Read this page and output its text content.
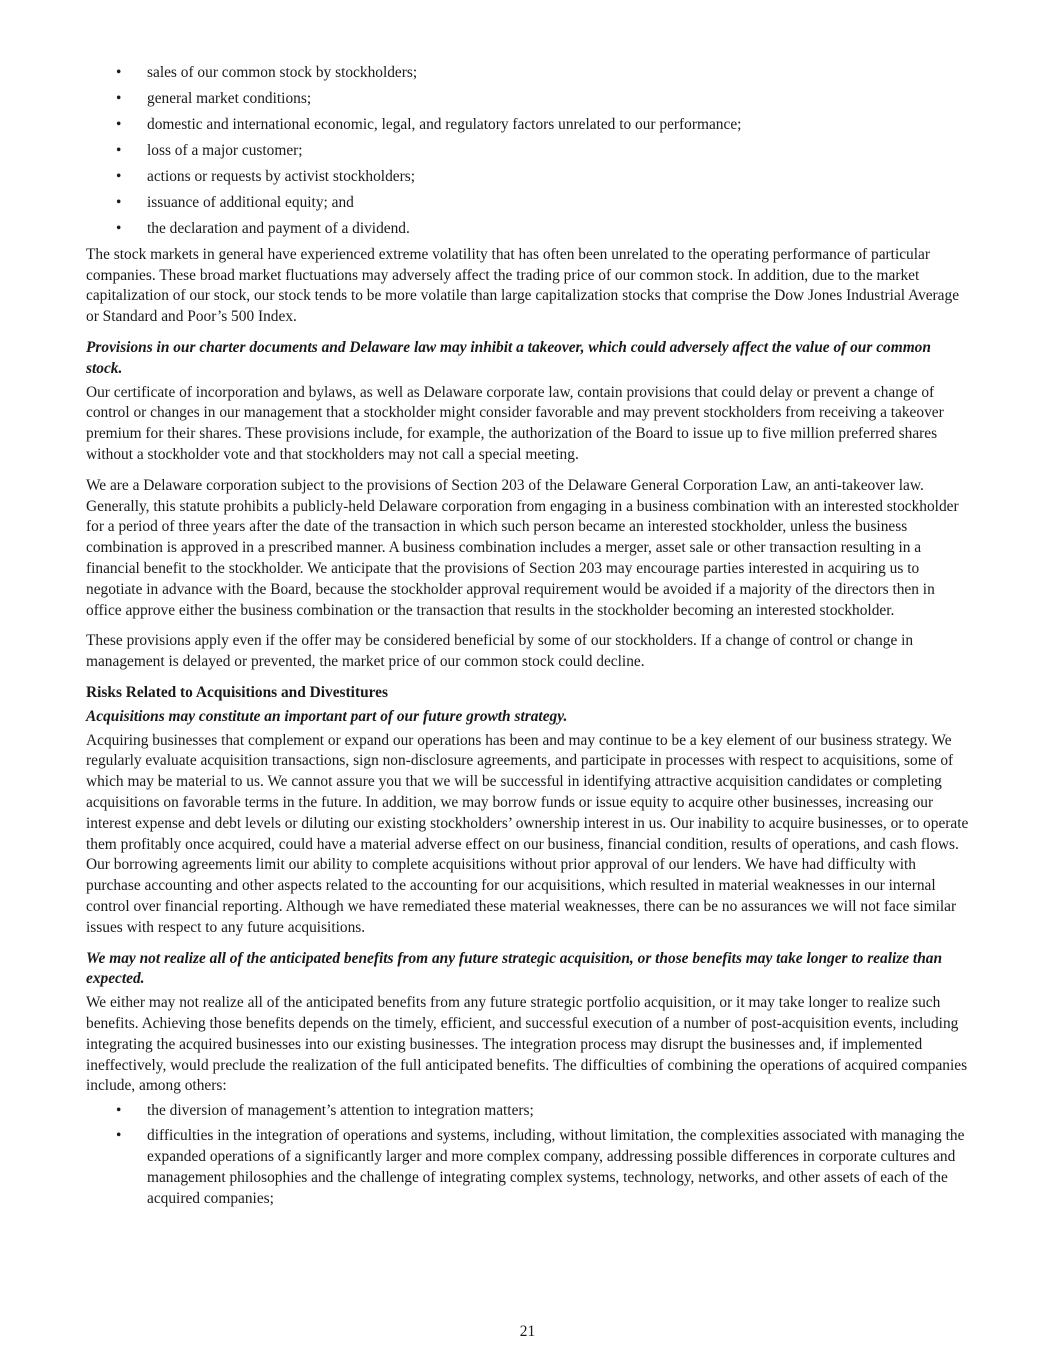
• sales of our common stock by stockholders;
• general market conditions;
• domestic and international economic, legal, and regulatory factors unrelated to our performance;
• loss of a major customer;
• actions or requests by activist stockholders;
• issuance of additional equity; and
• the declaration and payment of a dividend.

The stock markets in general have experienced extreme volatility that has often been unrelated to the operating performance of particular companies. These broad market fluctuations may adversely affect the trading price of our common stock. In addition, due to the market capitalization of our stock, our stock tends to be more volatile than large capitalization stocks that comprise the Dow Jones Industrial Average or Standard and Poor’s 500 Index.

Provisions in our charter documents and Delaware law may inhibit a takeover, which could adversely affect the value of our common stock.

Our certificate of incorporation and bylaws, as well as Delaware corporate law, contain provisions that could delay or prevent a change of control or changes in our management that a stockholder might consider favorable and may prevent stockholders from receiving a takeover premium for their shares. These provisions include, for example, the authorization of the Board to issue up to five million preferred shares without a stockholder vote and that stockholders may not call a special meeting.

We are a Delaware corporation subject to the provisions of Section 203 of the Delaware General Corporation Law, an anti-takeover law. Generally, this statute prohibits a publicly-held Delaware corporation from engaging in a business combination with an interested stockholder for a period of three years after the date of the transaction in which such person became an interested stockholder, unless the business combination is approved in a prescribed manner. A business combination includes a merger, asset sale or other transaction resulting in a financial benefit to the stockholder. We anticipate that the provisions of Section 203 may encourage parties interested in acquiring us to negotiate in advance with the Board, because the stockholder approval requirement would be avoided if a majority of the directors then in office approve either the business combination or the transaction that results in the stockholder becoming an interested stockholder.

These provisions apply even if the offer may be considered beneficial by some of our stockholders. If a change of control or change in management is delayed or prevented, the market price of our common stock could decline.

Risks Related to Acquisitions and Divestitures

Acquisitions may constitute an important part of our future growth strategy.

Acquiring businesses that complement or expand our operations has been and may continue to be a key element of our business strategy. We regularly evaluate acquisition transactions, sign non-disclosure agreements, and participate in processes with respect to acquisitions, some of which may be material to us. We cannot assure you that we will be successful in identifying attractive acquisition candidates or completing acquisitions on favorable terms in the future. In addition, we may borrow funds or issue equity to acquire other businesses, increasing our interest expense and debt levels or diluting our existing stockholders’ ownership interest in us. Our inability to acquire businesses, or to operate them profitably once acquired, could have a material adverse effect on our business, financial condition, results of operations, and cash flows. Our borrowing agreements limit our ability to complete acquisitions without prior approval of our lenders. We have had difficulty with purchase accounting and other aspects related to the accounting for our acquisitions, which resulted in material weaknesses in our internal control over financial reporting. Although we have remediated these material weaknesses, there can be no assurances we will not face similar issues with respect to any future acquisitions.

We may not realize all of the anticipated benefits from any future strategic acquisition, or those benefits may take longer to realize than expected.

We either may not realize all of the anticipated benefits from any future strategic portfolio acquisition, or it may take longer to realize such benefits. Achieving those benefits depends on the timely, efficient, and successful execution of a number of post-acquisition events, including integrating the acquired businesses into our existing businesses. The integration process may disrupt the businesses and, if implemented ineffectively, would preclude the realization of the full anticipated benefits. The difficulties of combining the operations of acquired companies include, among others:

• the diversion of management’s attention to integration matters;
• difficulties in the integration of operations and systems, including, without limitation, the complexities associated with managing the expanded operations of a significantly larger and more complex company, addressing possible differences in corporate cultures and management philosophies and the challenge of integrating complex systems, technology, networks, and other assets of each of the acquired companies;
21
